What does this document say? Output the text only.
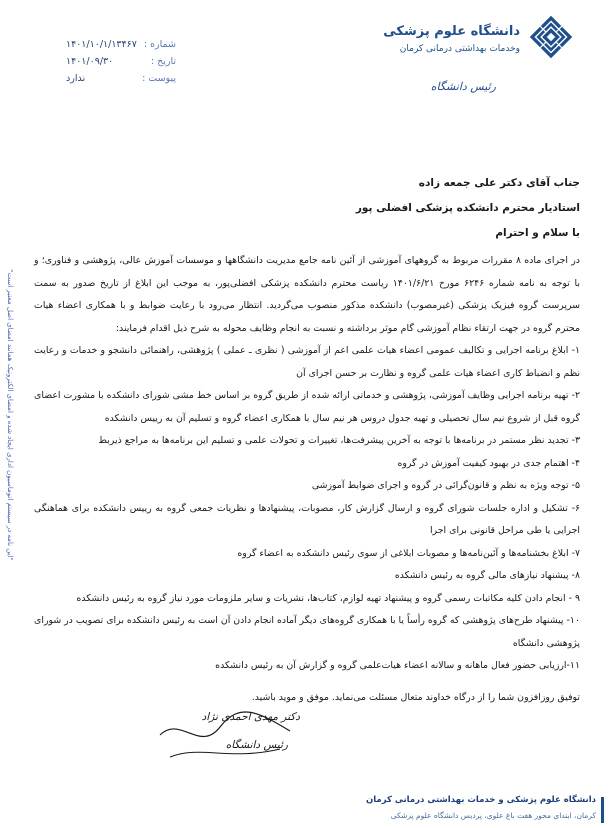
دانشگاه علوم پزشکی
وخدمات بهداشتی درمانی کرمان
رئیس دانشگاه
شماره :
۱۴۰۱/۱۰/۱/۱۳۴۶۷
تاریخ :
۱۴۰۱/۰۹/۳۰
پیوست :
ندارد
جناب آقای دکتر علی جمعه زاده
استادیار محترم دانشکده پزشکی افضلی پور
با سلام و احترام

در اجرای ماده ۸ مقررات مربوط به گروههای آموزشی از آئین نامه جامع مدیریت دانشگاهها و موسسات آموزش عالی، پژوهشی و فناوری؛ و با توجه به نامه شماره ۶۲۴۶ مورخ ۱۴۰۱/۶/۲۱ ریاست محترم دانشکده پزشکی افضلی‌پور، به موجب این ابلاغ از تاریخ صدور به سمت سرپرست گروه فیزیک پزشکی (غیرمصوب) دانشکده مذکور منصوب می‌گردید. انتظار می‌رود با رعایت ضوابط و با همکاری اعضاء هیات محترم گروه در جهت ارتقاء نظام آموزشی گام موثر برداشته و نسبت به انجام وظایف محوله به شرح ذیل اقدام فرمایند:

۱- ابلاغ برنامه اجرایی و تکالیف عمومی اعضاء هیات علمی اعم از آموزشی ( نظری ـ عملی ) پژوهشی، راهنمائی دانشجو و خدمات و رعایت نظم و انضباط کاری اعضاء هیات علمی گروه و نظارت بر حسن اجرای آن

۲- تهیه برنامه اجرایی وظایف آموزشی، پژوهشی و خدماتی ارائه شده از طریق گروه بر اساس خط مشی شورای دانشکده با مشورت اعضای گروه قبل از شروع نیم سال تحصیلی و تهیه جدول دروس هر نیم سال با همکاری اعضاء گروه و تسلیم آن به رییس دانشکده

۳- تجدید نظر مستمر در برنامه‌ها با توجه به آخرین پیشرفت‌ها، تغییرات و تحولات علمی و تسلیم این برنامه‌ها به مراجع ذیربط

۴- اهتمام جدی در بهبود کیفیت آموزش در گروه

۵- توجه ویژه به نظم و قانون‌گرائی در گروه و اجرای ضوابط آموزشی

۶- تشکیل و اداره جلسات شورای گروه و ارسال گزارش کار، مصوبات، پیشنهادها و نظریات جمعی گروه به رییس دانشکده برای هماهنگی اجرایی یا طی مراحل قانونی برای اجرا

۷- ابلاغ بخشنامه‌ها و آئین‌نامه‌ها و مصوبات ابلاغی از سوی رئیس دانشکده به اعضاء گروه

۸- پیشنهاد نیازهای مالی گروه به رئیس دانشکده

۹ - انجام دادن کلیه مکاتبات رسمی گروه و پیشنهاد تهیه لوازم، کتاب‌ها، نشریات و سایر ملزومات مورد نیاز گروه به رئیس دانشکده

۱۰- پیشنهاد طرح‌های پژوهشی که گروه رأساً یا با همکاری گروه‌های دیگر آماده انجام دادن آن است به رئیس دانشکده برای تصویب در شورای پژوهشی دانشگاه

۱۱-ارزیابی حضور فعال ماهانه و سالانه اعضاء هیات‌علمی گروه و گزارش آن به رئیس دانشکده

توفیق روزافزون شما را از درگاه خداوند متعال مسئلت می‌نماید. موفق و موید باشید.

دکتر مهدی احمدی نژاد
رئیس دانشگاه
"این نامه در سیستم اتوماسیون اداری ایجاد شده و امضای الکترونیک همانند امضای اصل معتبر است"
دانشگاه علوم پزشکی و خدمات بهداشتی درمانی کرمان
کرمان، ابتدای محور هفت باغ علوی، پردیس دانشگاه علوم پزشکی
